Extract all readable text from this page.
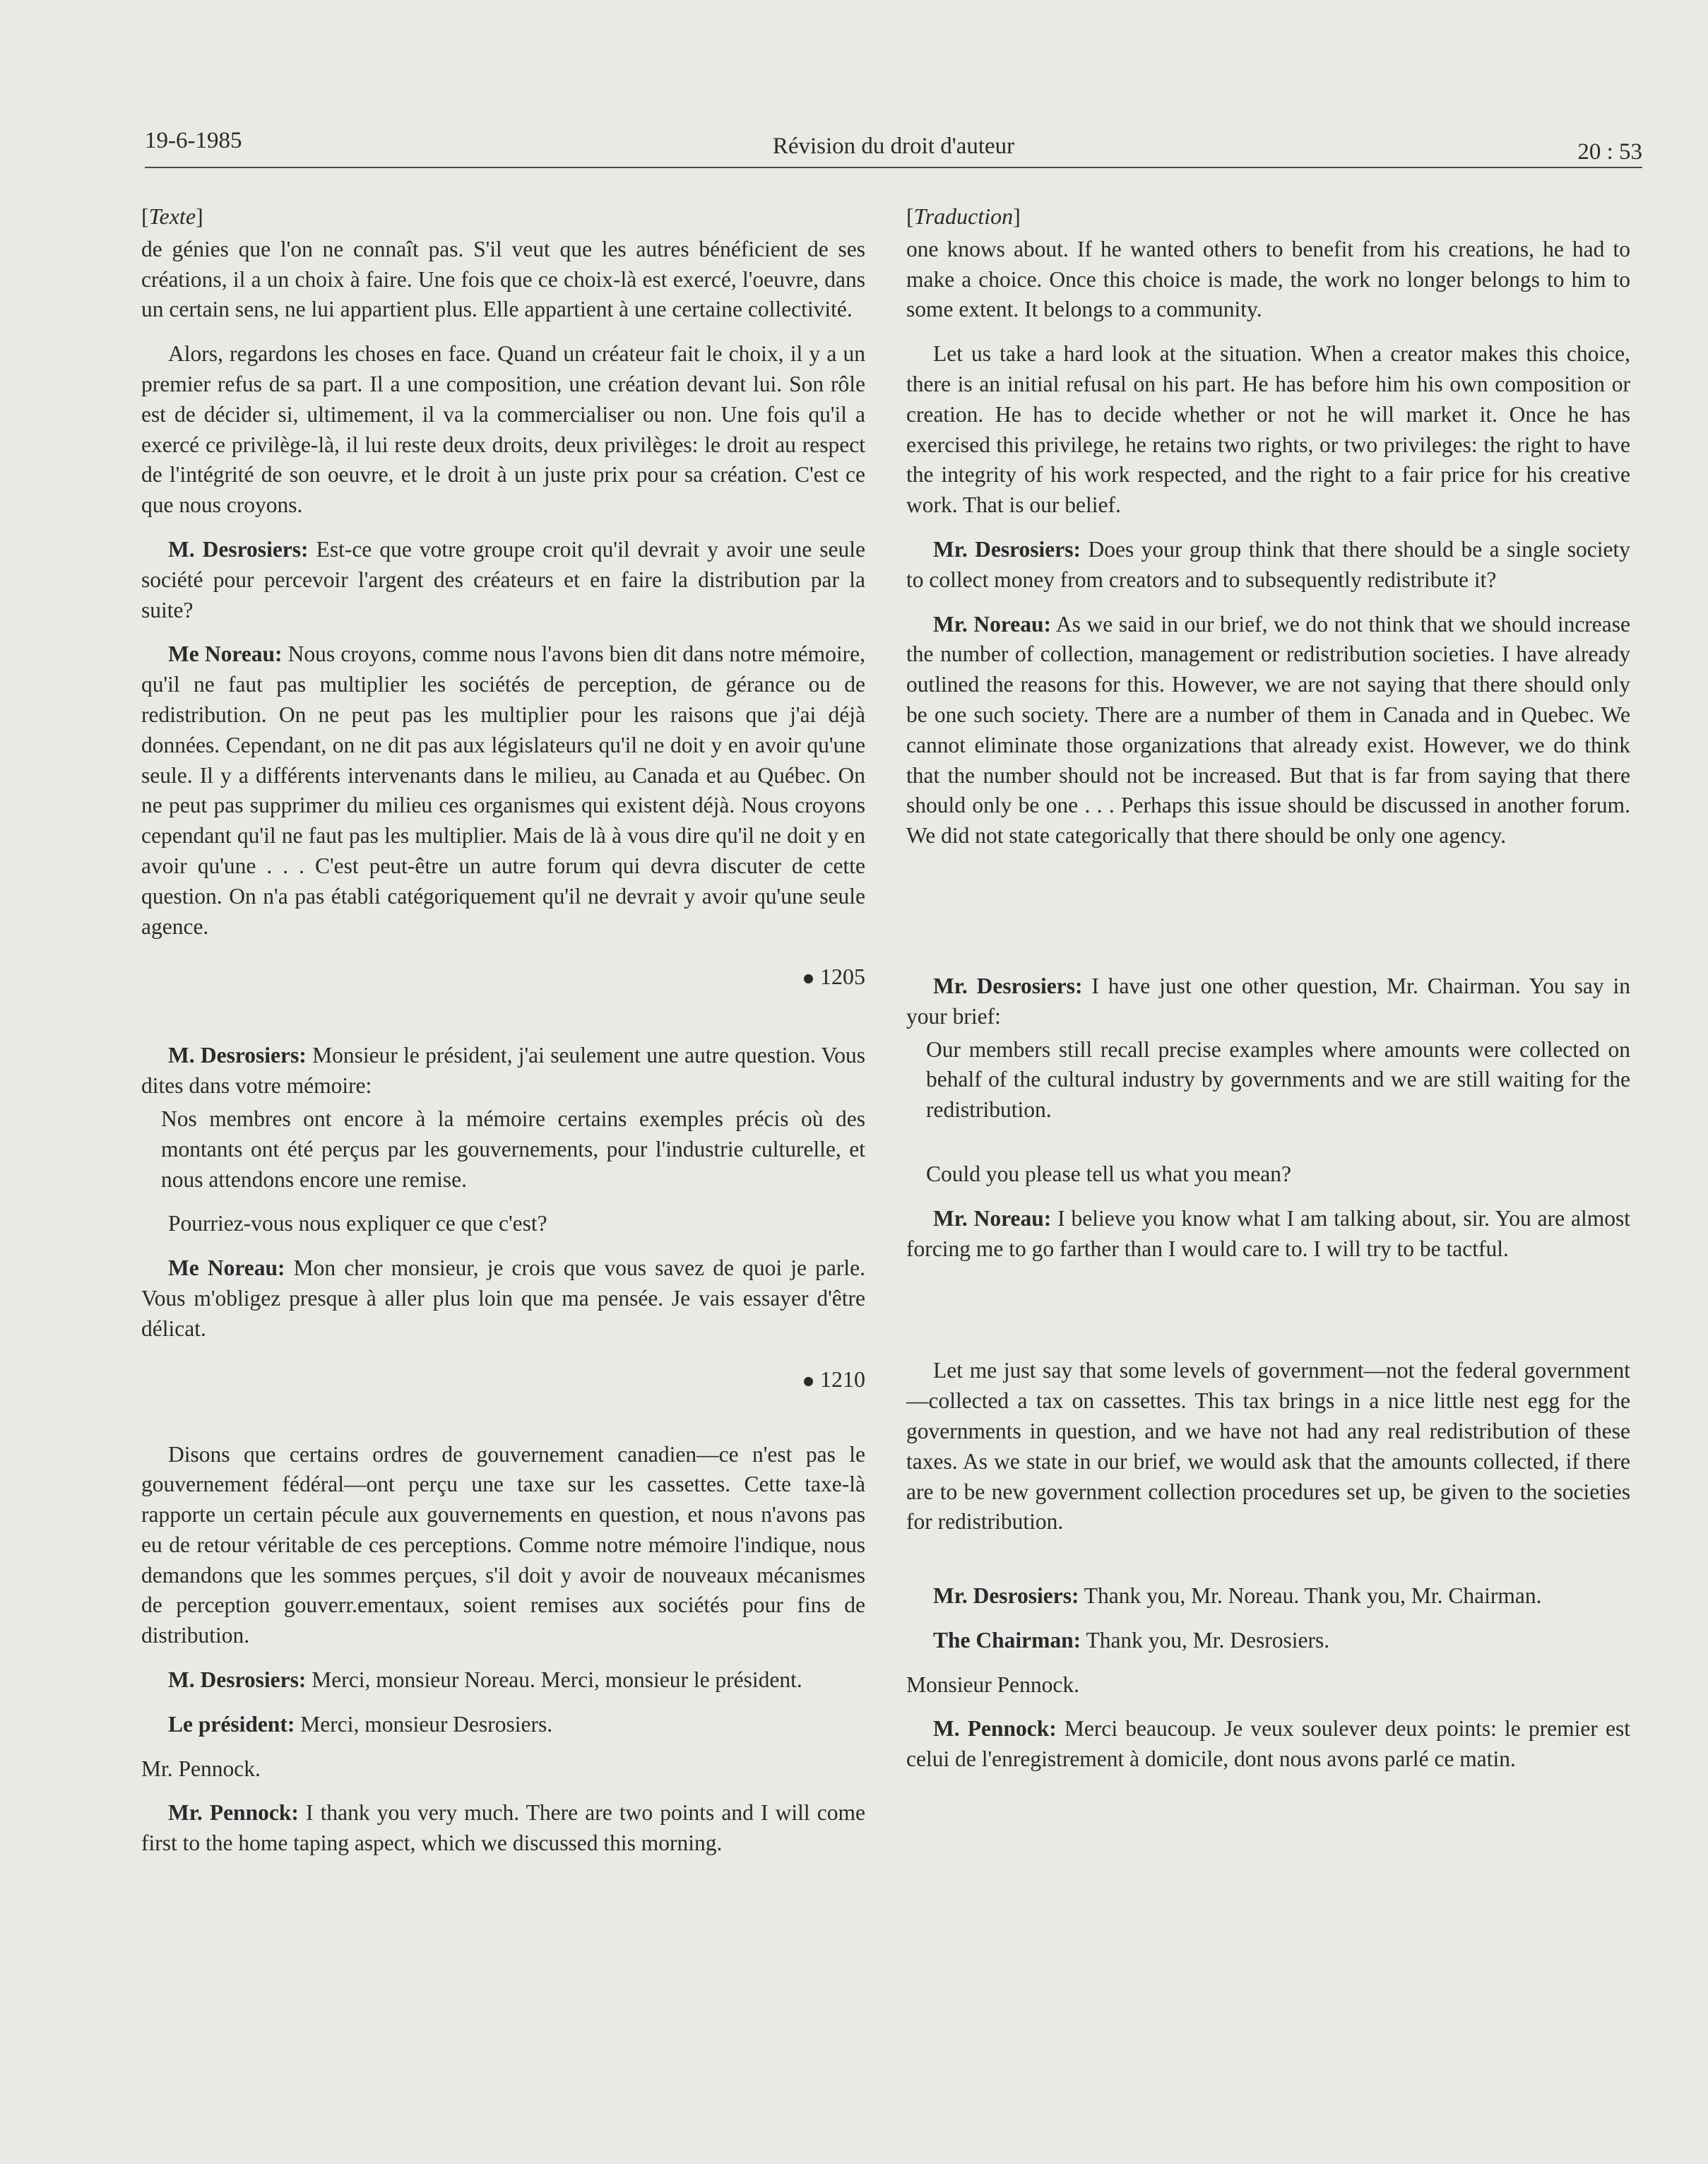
19-6-1985	Révision du droit d'auteur	20 : 53

[Texte]

de génies que l'on ne connaît pas. S'il veut que les autres bénéficient de ses créations, il a un choix à faire. Une fois que ce choix-là est exercé, l'oeuvre, dans un certain sens, ne lui appartient plus. Elle appartient à une certaine collectivité.

Alors, regardons les choses en face. Quand un créateur fait le choix, il y a un premier refus de sa part. Il a une composition, une création devant lui. Son rôle est de décider si, ultimement, il va la commercialiser ou non. Une fois qu'il a exercé ce privilège-là, il lui reste deux droits, deux privilèges: le droit au respect de l'intégrité de son oeuvre, et le droit à un juste prix pour sa création. C'est ce que nous croyons.

M. Desrosiers: Est-ce que votre groupe croit qu'il devrait y avoir une seule société pour percevoir l'argent des créateurs et en faire la distribution par la suite?

Me Noreau: Nous croyons, comme nous l'avons bien dit dans notre mémoire, qu'il ne faut pas multiplier les sociétés de perception, de gérance ou de redistribution. On ne peut pas les multiplier pour les raisons que j'ai déjà données. Cependant, on ne dit pas aux législateurs qu'il ne doit y en avoir qu'une seule. Il y a différents intervenants dans le milieu, au Canada et au Québec. On ne peut pas supprimer du milieu ces organismes qui existent déjà. Nous croyons cependant qu'il ne faut pas les multiplier. Mais de là à vous dire qu'il ne doit y en avoir qu'une . . . C'est peut-être un autre forum qui devra discuter de cette question. On n'a pas établi catégoriquement qu'il ne devrait y avoir qu'une seule agence.

1205

M. Desrosiers: Monsieur le président, j'ai seulement une autre question. Vous dites dans votre mémoire:

Nos membres ont encore à la mémoire certains exemples précis où des montants ont été perçus par les gouvernements, pour l'industrie culturelle, et nous attendons encore une remise.

Pourriez-vous nous expliquer ce que c'est?

Me Noreau: Mon cher monsieur, je crois que vous savez de quoi je parle. Vous m'obligez presque à aller plus loin que ma pensée. Je vais essayer d'être délicat.

1210

Disons que certains ordres de gouvernement canadien—ce n'est pas le gouvernement fédéral—ont perçu une taxe sur les cassettes. Cette taxe-là rapporte un certain pécule aux gouvernements en question, et nous n'avons pas eu de retour véritable de ces perceptions. Comme notre mémoire l'indique, nous demandons que les sommes perçues, s'il doit y avoir de nouveaux mécanismes de perception gouverr.ementaux, soient remises aux sociétés pour fins de distribution.

M. Desrosiers: Merci, monsieur Noreau. Merci, monsieur le président.

Le président: Merci, monsieur Desrosiers.

Mr. Pennock.

Mr. Pennock: I thank you very much. There are two points and I will come first to the home taping aspect, which we discussed this morning.

[Traduction]

one knows about. If he wanted others to benefit from his creations, he had to make a choice. Once this choice is made, the work no longer belongs to him to some extent. It belongs to a community.

Let us take a hard look at the situation. When a creator makes this choice, there is an initial refusal on his part. He has before him his own composition or creation. He has to decide whether or not he will market it. Once he has exercised this privilege, he retains two rights, or two privileges: the right to have the integrity of his work respected, and the right to a fair price for his creative work. That is our belief.

Mr. Desrosiers: Does your group think that there should be a single society to collect money from creators and to subsequently redistribute it?

Mr. Noreau: As we said in our brief, we do not think that we should increase the number of collection, management or redistribution societies. I have already outlined the reasons for this. However, we are not saying that there should only be one such society. There are a number of them in Canada and in Quebec. We cannot eliminate those organizations that already exist. However, we do think that the number should not be increased. But that is far from saying that there should only be one . . . Perhaps this issue should be discussed in another forum. We did not state categorically that there should be only one agency.

Mr. Desrosiers: I have just one other question, Mr. Chairman. You say in your brief:

Our members still recall precise examples where amounts were collected on behalf of the cultural industry by governments and we are still waiting for the redistribution.

Could you please tell us what you mean?

Mr. Noreau: I believe you know what I am talking about, sir. You are almost forcing me to go farther than I would care to. I will try to be tactful.

Let me just say that some levels of government—not the federal government—collected a tax on cassettes. This tax brings in a nice little nest egg for the governments in question, and we have not had any real redistribution of these taxes. As we state in our brief, we would ask that the amounts collected, if there are to be new government collection procedures set up, be given to the societies for redistribution.

Mr. Desrosiers: Thank you, Mr. Noreau. Thank you, Mr. Chairman.

The Chairman: Thank you, Mr. Desrosiers.

Monsieur Pennock.

M. Pennock: Merci beaucoup. Je veux soulever deux points: le premier est celui de l'enregistrement à domicile, dont nous avons parlé ce matin.
